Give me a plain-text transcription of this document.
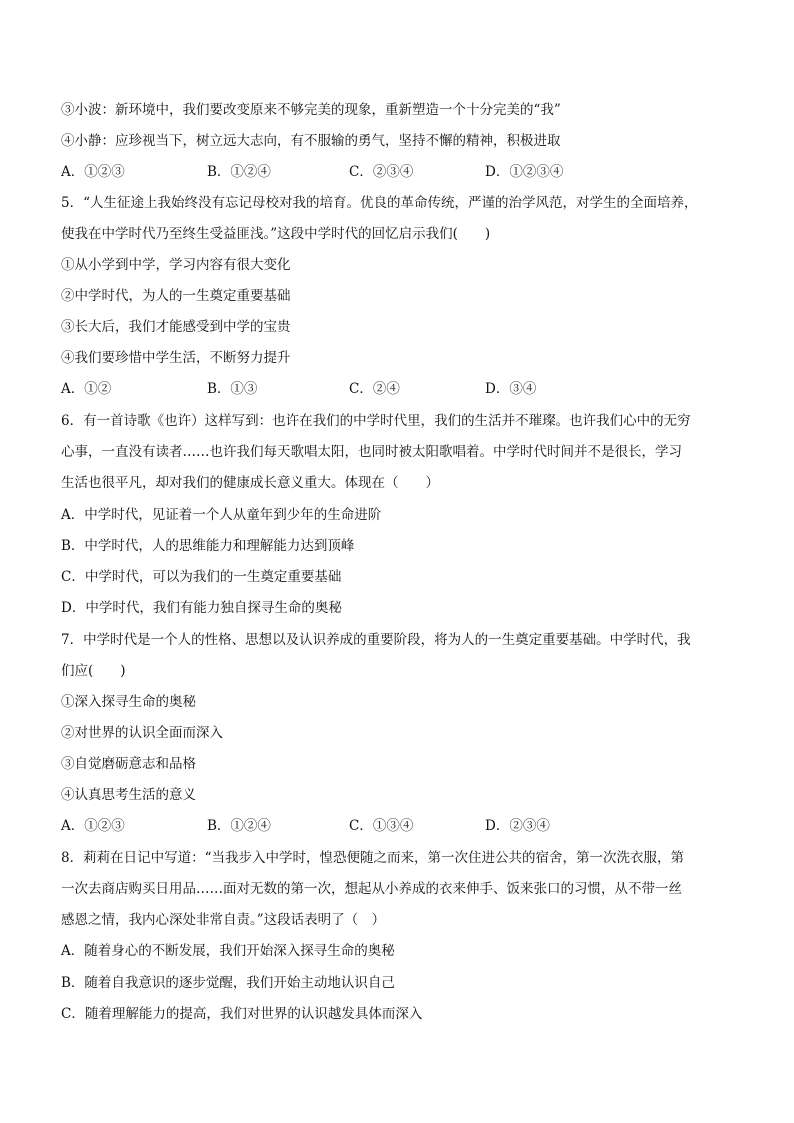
③小波：新环境中，我们要改变原来不够完美的现象，重新塑造一个十分完美的“我”
④小静：应珍视当下，树立远大志向，有不服输的勇气，坚持不懈的精神，积极进取
A．①②③	B．①②④	C．②③④	D．①②③④
5．“人生征途上我始终没有忘记母校对我的培育。优良的革命传统，严谨的治学风范，对学生的全面培养，
使我在中学时代乃至终生受益匪浅。”这段中学时代的回忆启示我们(　　)
①从小学到中学，学习内容有很大变化
②中学时代，为人的一生奠定重要基础
③长大后，我们才能感受到中学的宝贵
④我们要珍惜中学生活，不断努力提升
A．①②	B．①③	C．②④	D．③④
6．有一首诗歌《也许）这样写到：也许在我们的中学时代里，我们的生活并不璀璨。也许我们心中的无穷
心事，一直没有读者……也许我们每天歌唱太阳，也同时被太阳歌唱着。中学时代时间并不是很长，学习
生活也很平凡，却对我们的健康成长意义重大。体现在（　　）
A．中学时代，见证着一个人从童年到少年的生命进阶
B．中学时代，人的思维能力和理解能力达到顶峰
C．中学时代，可以为我们的一生奠定重要基础
D．中学时代，我们有能力独自探寻生命的奥秘
7．中学时代是一个人的性格、思想以及认识养成的重要阶段，将为人的一生奠定重要基础。中学时代，我
们应(　　)
①深入探寻生命的奥秘
②对世界的认识全面而深入
③自觉磨砺意志和品格
④认真思考生活的意义
A．①②③	B．①②④	C．①③④	D．②③④
8．莉莉在日记中写道：“当我步入中学时，惶恐便随之而来，第一次住进公共的宿舍，第一次洗衣服，第
一次去商店购买日用品……面对无数的第一次，想起从小养成的衣来伸手、饭来张口的习惯，从不带一丝
感恩之情，我内心深处非常自责。”这段话表明了（　）
A．随着身心的不断发展，我们开始深入探寻生命的奥秘
B．随着自我意识的逐步觉醒，我们开始主动地认识自己
C．随着理解能力的提高，我们对世界的认识越发具体而深入
